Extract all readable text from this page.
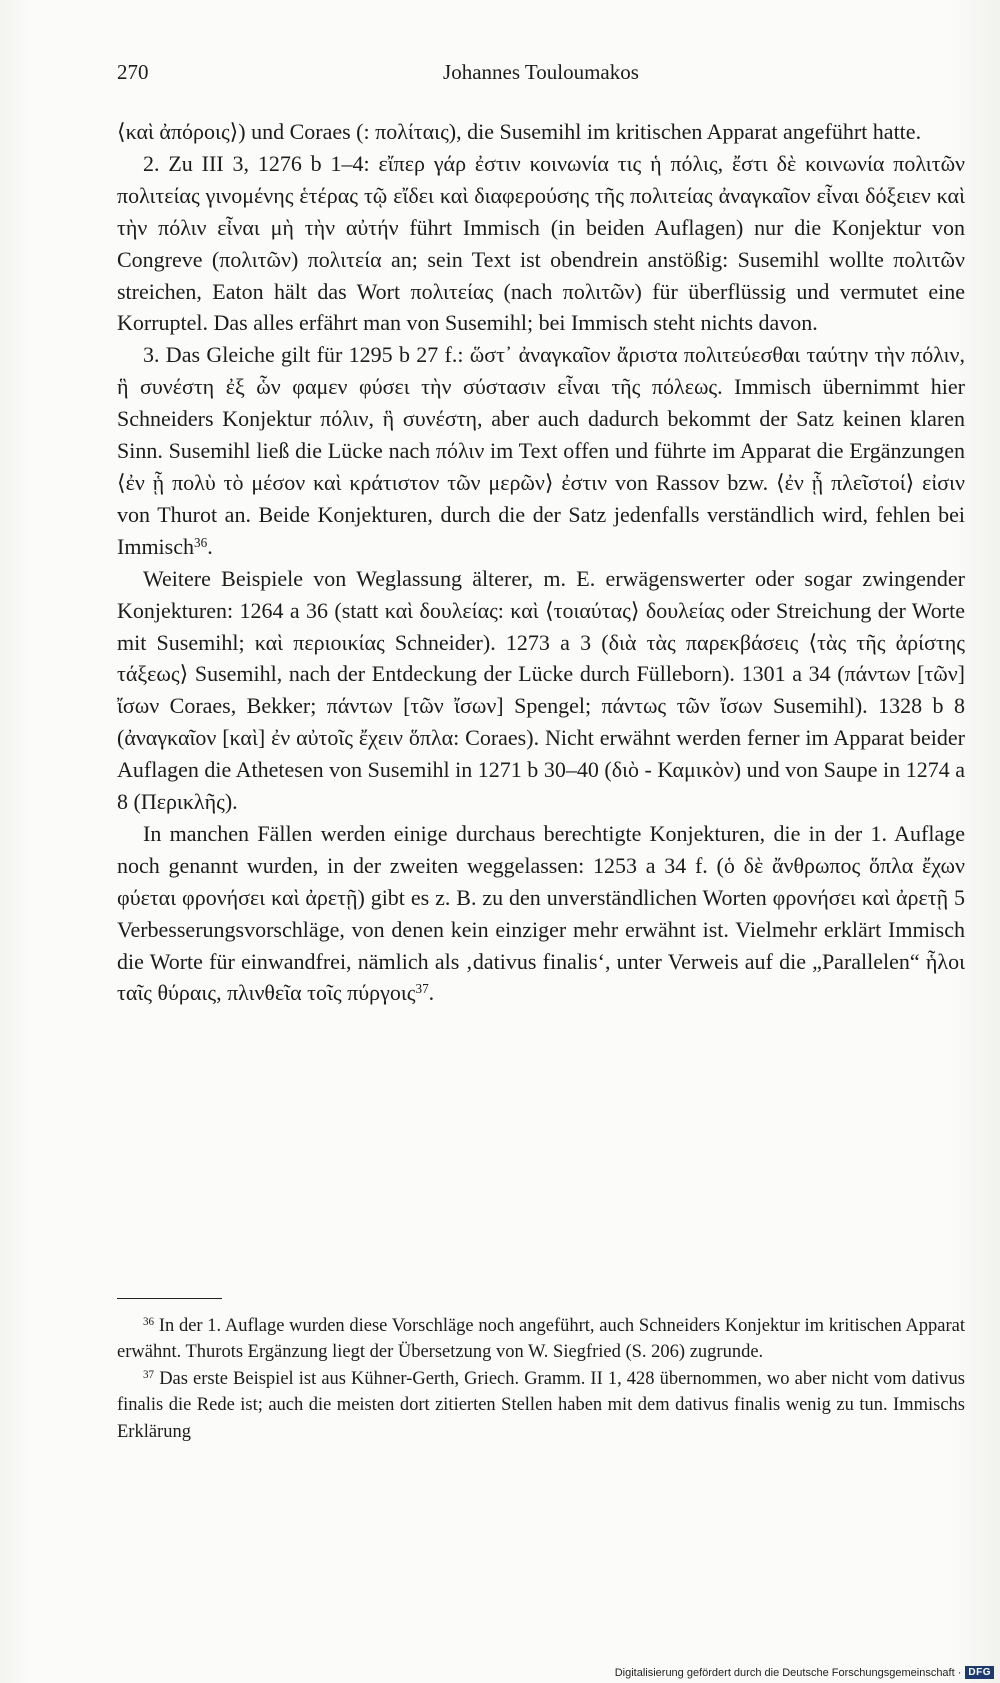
270	Johannes Touloumakos

⟨καὶ ἀπόροις⟩) und Coraes (: πολίταις), die Susemihl im kritischen Apparat angeführt hatte.

2. Zu III 3, 1276 b 1–4: εἴπερ γάρ ἐστιν κοινωνία τις ἡ πόλις, ἔστι δὲ κοινωνία πολιτῶν πολιτείας γινομένης ἑτέρας τῷ εἴδει καὶ διαφερούσης τῆς πολιτείας ἀναγκαῖον εἶναι δόξειεν καὶ τὴν πόλιν εἶναι μὴ τὴν αὐτήν führt Immisch (in beiden Auflagen) nur die Konjektur von Congreve (πολιτῶν) πολιτεία an; sein Text ist obendrein anstößig: Susemihl wollte πολιτῶν streichen, Eaton hält das Wort πολιτείας (nach πολιτῶν) für überflüssig und vermutet eine Korruptel. Das alles erfährt man von Susemihl; bei Immisch steht nichts davon.

3. Das Gleiche gilt für 1295 b 27 f.: ὥστ᾽ ἀναγκαῖον ἄριστα πολιτεύεσθαι ταύτην τὴν πόλιν, ἣ συνέστη ἐξ ὧν φαμεν φύσει τὴν σύστασιν εἶναι τῆς πόλεως. Immisch übernimmt hier Schneiders Konjektur πόλιν, ἣ συνέστη, aber auch dadurch bekommt der Satz keinen klaren Sinn. Susemihl ließ die Lücke nach πόλιν im Text offen und führte im Apparat die Ergänzungen ⟨ἐν ᾗ πολὺ τὸ μέσον καὶ κράτιστον τῶν μερῶν⟩ ἐστιν von Rassov bzw. ⟨ἐν ᾗ πλεῖστοί⟩ εἰσιν von Thurot an. Beide Konjekturen, durch die der Satz jedenfalls verständlich wird, fehlen bei Immisch$^{36}$.

Weitere Beispiele von Weglassung älterer, m. E. erwägenswerter oder sogar zwingender Konjekturen: 1264 a 36 (statt καὶ δουλείας: καὶ ⟨τοιαύτας⟩ δουλείας oder Streichung der Worte mit Susemihl; καὶ περιοικίας Schneider). 1273 a 3 (διὰ τὰς παρεκβάσεις ⟨τὰς τῆς ἀρίστης τάξεως⟩ Susemihl, nach der Entdeckung der Lücke durch Fülleborn). 1301 a 34 (πάντων [τῶν] ἴσων Coraes, Bekker; πάντων [τῶν ἴσων] Spengel; πάντως τῶν ἴσων Susemihl). 1328 b 8 (ἀναγκαῖον [καὶ] ἐν αὐτοῖς ἔχειν ὅπλα: Coraes). Nicht erwähnt werden ferner im Apparat beider Auflagen die Athetesen von Susemihl in 1271 b 30–40 (διὸ - Καμικὸν) und von Saupe in 1274 a 8 (Περικλῆς).

In manchen Fällen werden einige durchaus berechtigte Konjekturen, die in der 1. Auflage noch genannt wurden, in der zweiten weggelassen: 1253 a 34 f. (ὁ δὲ ἄνθρωπος ὅπλα ἔχων φύεται φρονήσει καὶ ἀρετῇ) gibt es z. B. zu den unverständlichen Worten φρονήσει καὶ ἀρετῇ 5 Verbesserungsvorschläge, von denen kein einziger mehr erwähnt ist. Vielmehr erklärt Immisch die Worte für einwandfrei, nämlich als ‚dativus finalis‘, unter Verweis auf die „Parallelen“ ἧλοι ταῖς θύραις, πλινθεῖα τοῖς πύργοις$^{37}$.

$^{36}$ In der 1. Auflage wurden diese Vorschläge noch angeführt, auch Schneiders Konjektur im kritischen Apparat erwähnt. Thurots Ergänzung liegt der Übersetzung von W. Siegfried (S. 206) zugrunde.

$^{37}$ Das erste Beispiel ist aus Kühner-Gerth, Griech. Gramm. II 1, 428 übernommen, wo aber nicht vom dativus finalis die Rede ist; auch die meisten dort zitierten Stellen haben mit dem dativus finalis wenig zu tun. Immischs Erklärung

Digitalisierung gefördert durch die Deutsche Forschungsgemeinschaft · DFG
